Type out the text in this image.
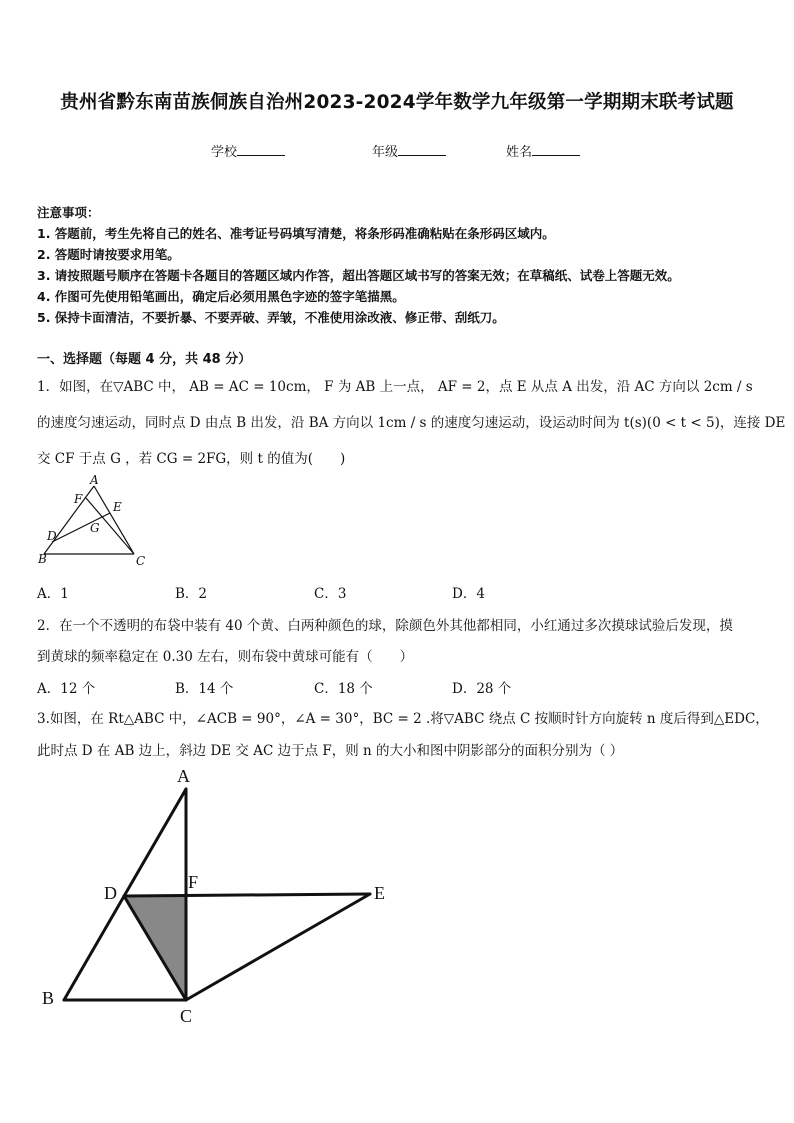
贵州省黔东南苗族侗族自治州2023-2024学年数学九年级第一学期期末联考试题
学校	年级	姓名
注意事项：
1. 答题前，考生先将自己的姓名、准考证号码填写清楚，将条形码准确粘贴在条形码区域内。
2. 答题时请按要求用笔。
3. 请按照题号顺序在答题卡各题目的答题区域内作答，超出答题区域书写的答案无效；在草稿纸、试卷上答题无效。
4. 作图可先使用铅笔画出，确定后必须用黑色字迹的签字笔描黑。
5. 保持卡面清洁，不要折暴、不要弄破、弄皱，不准使用涂改液、修正带、刮纸刀。
一、选择题（每题 4 分，共 48 分）
1．如图，在▽ABC 中， AB = AC = 10cm， F 为 AB 上一点， AF = 2，点 E 从点 A 出发，沿 AC 方向以 2cm / s
的速度匀速运动，同时点 D 由点 B 出发，沿 BA 方向以 1cm / s 的速度匀速运动，设运动时间为 t(s)(0 < t < 5)，连接 DE
交 CF 于点 G ，若 CG = 2FG，则 t 的值为(　　)
A
F
E
G
D
B	C
A．1	B．2	C．3	D．4
2．在一个不透明的布袋中装有 40 个黄、白两种颜色的球，除颜色外其他都相同，小红通过多次摸球试验后发现，摸
到黄球的频率稳定在 0.30 左右，则布袋中黄球可能有（　　）
A．12 个	B．14 个	C．18 个	D．28 个
3.如图，在 Rt△ABC 中，∠ACB = 90°，∠A = 30°，BC = 2 .将▽ABC 绕点 C 按顺时针方向旋转 n 度后得到△EDC，
此时点 D 在 AB 边上，斜边 DE 交 AC 边于点 F，则 n 的大小和图中阴影部分的面积分别为（ ）
A
F
D	E
B
C
